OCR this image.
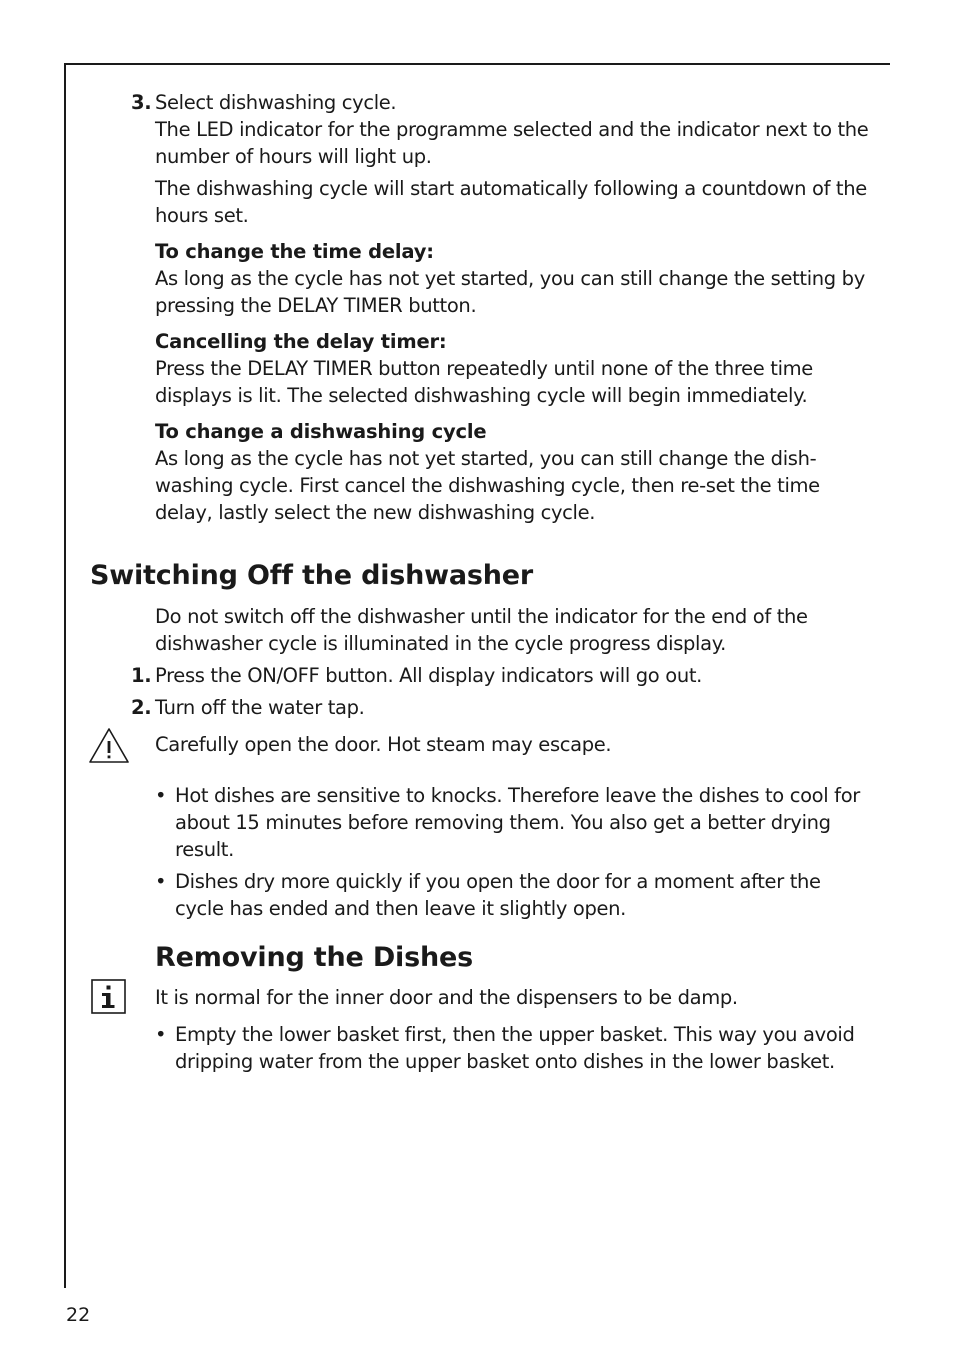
3. Select dishwashing cycle.

The LED indicator for the programme selected and the indicator next to the number of hours will light up.

The dishwashing cycle will start automatically following a countdown of the hours set.

To change the time delay:

As long as the cycle has not yet started, you can still change the setting by pressing the DELAY TIMER button.

Cancelling the delay timer:

Press the DELAY TIMER button repeatedly until none of the three time displays is lit. The selected dishwashing cycle will begin immediately.

To change a dishwashing cycle

As long as the cycle has not yet started, you can still change the dish-washing cycle. First cancel the dishwashing cycle, then re-set the time delay, lastly select the new dishwashing cycle.

Switching Off the dishwasher

Do not switch off the dishwasher until the indicator for the end of the dishwasher cycle is illuminated in the cycle progress display.

1. Press the ON/OFF button. All display indicators will go out.

2. Turn off the water tap.

Carefully open the door. Hot steam may escape.

• Hot dishes are sensitive to knocks. Therefore leave the dishes to cool for about 15 minutes before removing them. You also get a better drying result.
• Dishes dry more quickly if you open the door for a moment after the cycle has ended and then leave it slightly open.
Removing the Dishes

It is normal for the inner door and the dispensers to be damp.

• Empty the lower basket first, then the upper basket. This way you avoid dripping water from the upper basket onto dishes in the lower basket.
22
